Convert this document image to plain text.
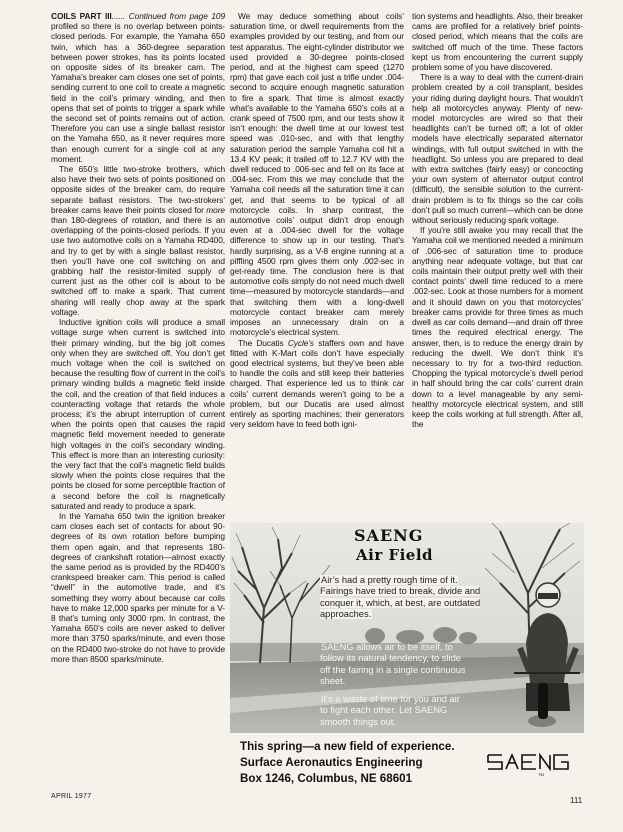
COILS PART III...... Continued from page 109 profiled so there is no overlap between points-closed periods. For example, the Yamaha 650 twin, which has a 360-degree separation between power strokes, has its points located on opposite sides of its breaker cam. The Yamaha’s breaker cam closes one set of points, sending current to one coil to create a magnetic field in the coil’s primary winding, and then opens that set of points to trigger a spark while the second set of points remains out of action. Therefore you can use a single ballast resistor on the Yamaha 650, as it never requires more than enough current for a single coil at any moment.

The 650’s little two-stroke brothers, which also have their two sets of points positioned on opposite sides of the breaker cam, do require separate ballast resistors. The two-strokers’ breaker cams leave their points closed for more than 180-degrees of rotation, and there is an overlapping of the points-closed periods. If you use two automotive coils on a Yamaha RD400, and try to get by with a single ballast resistor, then you’ll have one coil switching on and grabbing half the resistor-limited supply of current just as the other coil is about to be switched off to make a spark. That current sharing will really chop away at the spark voltage.

Inductive ignition coils will produce a small voltage surge when current is switched into their primary winding, but the big jolt comes only when they are switched off. You don’t get much voltage when the coil is switched on because the resulting flow of current in the coil’s primary winding builds a magnetic field inside the coil, and the creation of that field induces a counteracting voltage that retards the whole process; it’s the abrupt interruption of current when the points open that causes the rapid magnetic field movement needed to generate high voltages in the coil’s secondary winding. This effect is more than an interesting curiosity: the very fact that the coil’s magnetic field builds slowly when the points close requires that the points be closed for some perceptible fraction of a second before the coil is magnetically saturated and ready to produce a spark.

In the Yamaha 650 twin the ignition breaker cam closes each set of contacts for about 90-degrees of its own rotation before bumping them open again, and that represents 180-degrees of crankshaft rotation—almost exactly the same period as is provided by the RD400’s crankspeed breaker cam. This period is called “dwell” in the automotive trade, and it’s something they worry about because car coils have to make 12,000 sparks per minute for a V-8 that’s turning only 3000 rpm. In contrast, the Yamaha 650’s coils are never asked to deliver more than 3750 sparks/minute, and even those on the RD400 two-stroke do not have to provide more than 8500 sparks/minute.

We may deduce something about coils’ saturation time, or dwell requirements from the examples provided by our testing, and from our test apparatus. The eight-cylinder distributor we used provided a 30-degree points-closed period, and at the highest cam speed (1270 rpm) that gave each coil just a trifle under .004-second to acquire enough magnetic saturation to fire a spark. That time is almost exactly what’s available to the Yamaha 650’s coils at a crank speed of 7500 rpm, and our tests show it isn’t enough: the dwell time at our lowest test speed was .010-sec, and with that lengthy saturation period the sample Yamaha coil hit a 13.4 KV peak; it trailed off to 12.7 KV with the dwell reduced to .006-sec and fell on its face at .004-sec. From this we may conclude that the Yamaha coil needs all the saturation time it can get, and that seems to be typical of all motorcycle coils. In sharp contrast, the automotive coils’ output didn’t drop enough even at a .004-sec dwell for the voltage difference to show up in our testing. That’s hardly surprising, as a V-8 engine running at a piffling 4500 rpm gives them only .002-sec in get-ready time. The conclusion here is that automotive coils simply do not need much dwell time—measured by motorcycle standards—and that switching them with a long-dwell motorcycle contact breaker cam merely imposes an unnecessary drain on a motorcycle’s electrical system.

The Ducatis Cycle’s staffers own and have fitted with K-Mart coils don’t have especially good electrical systems, but they’ve been able to handle the coils and still keep their batteries charged. That experience led us to think car coils’ current demands weren’t going to be a problem, but our Ducatis are used almost entirely as sporting machines; their generators very seldom have to feed both igni-

tion systems and headlights. Also, their breaker cams are profiled for a relatively brief points-closed period, which means that the coils are switched off much of the time. These factors kept us from encountering the current supply problem some of you have discovered.

There is a way to deal with the current-drain problem created by a coil transplant, besides your riding during daylight hours. That wouldn’t help all motorcycles anyway. Plenty of new-model motorcycles are wired so that their headlights can’t be turned off; a lot of older models have electrically separated alternator windings, with full output switched in with the headlight. So unless you are prepared to deal with extra switches (fairly easy) or concocting your own system of alternator output control (difficult), the sensible solution to the current-drain problem is to fix things so the car coils don’t pull so much current—which can be done without seriously reducing spark voltage.

If you’re still awake you may recall that the Yamaha coil we mentioned needed a minimum of .006-sec of saturation time to produce anything near adequate voltage, but that car coils maintain their output pretty well with their contact points’ dwell time reduced to a mere .002-sec. Look at those numbers for a moment and it should dawn on you that motorcycles’ breaker cams provide for three times as much dwell as car coils demand—and drain off three times the required electrical energy. The answer, then, is to reduce the energy drain by reducing the dwell. We don’t think it’s necessary to try for a two-third reduction. Chopping the typical motorcycle’s dwell period in half should bring the car coils’ current drain down to a level manageable by any semi-healthy motorcycle electrical system, and still keep the coils working at full strength. After all, the

SAENG
Air Field
Air’s had a pretty rough time of it. Fairings have tried to break, divide and conquer it, which, at best, are outdated approaches.
SAENG allows air to be itself, to follow its natural tendency, to slide off the fairing in a single continuous sheet.
It’s a waste of time for you and air to fight each other. Let SAENG smooth things out.
This spring—a new field of experience.
Surface Aeronautics Engineering
Box 1246, Columbus, NE 68601	TM
APRIL 1977	111
